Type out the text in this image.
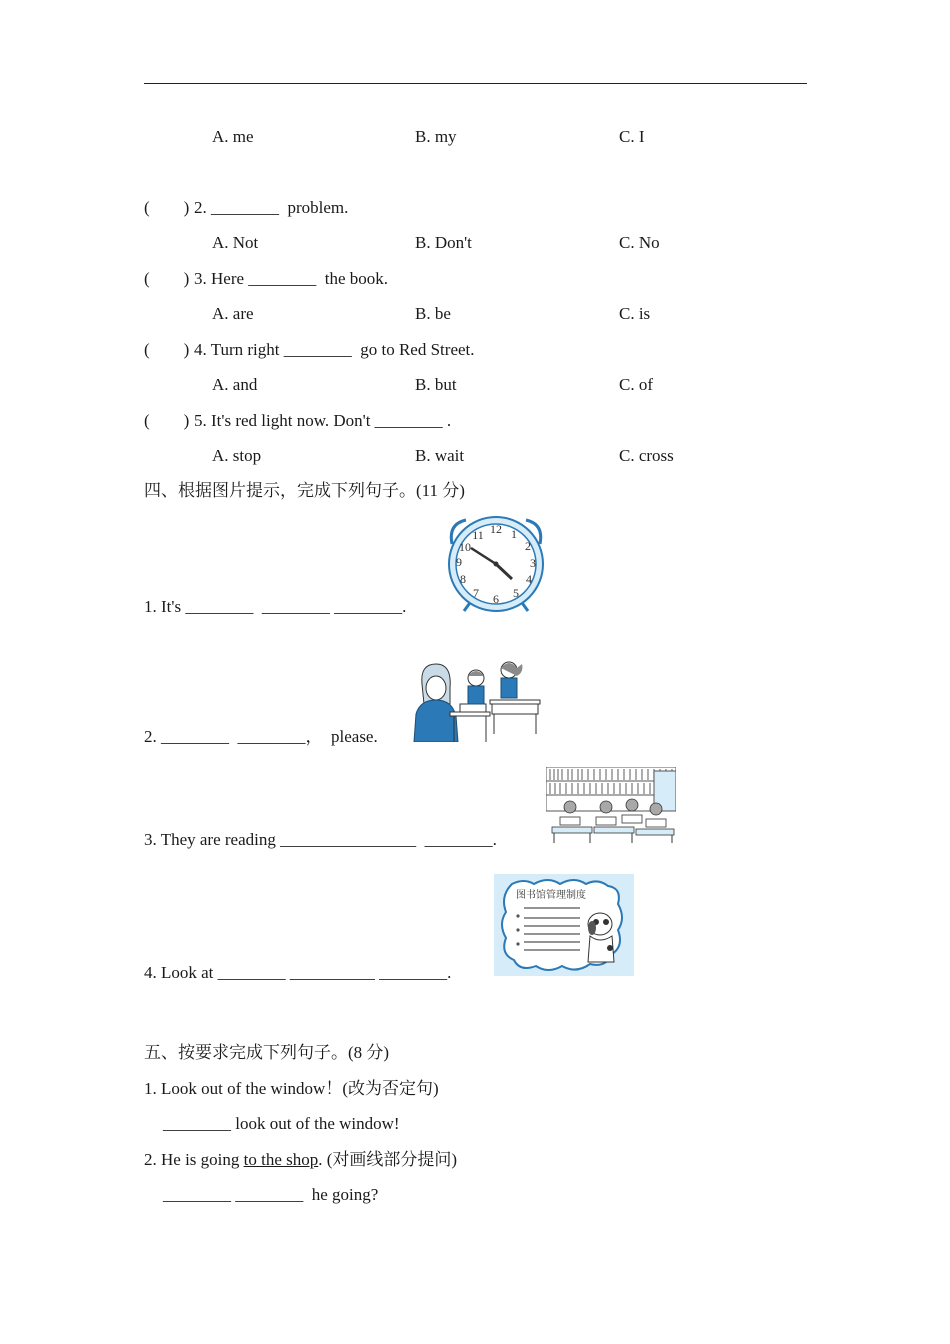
A. me	B. my	C. I
(        ) 2. ________  problem.
A. Not	B. Don't	C. No
(        ) 3. Here ________  the book.
A. are	B. be	C. is
(        ) 4. Turn right ________  go to Red Street.
A. and	B. but	C. of
(        ) 5. It's red light now. Don't ________ .
A. stop	B. wait	C. cross
四、根据图片提示，完成下列句子。(11 分)
12 1
2
3
4
5
6
7
8
9
10
11
1. It's ________  ________ ________.
2. ________  ________，  please.
3. They are reading ________________  ________.
图书馆管理制度
4. Look at ________ __________ ________.
五、按要求完成下列句子。(8 分)
1. Look out of the window！(改为否定句)
________ look out of the window!
2. He is going to the shop. (对画线部分提问)
________ ________  he going?
